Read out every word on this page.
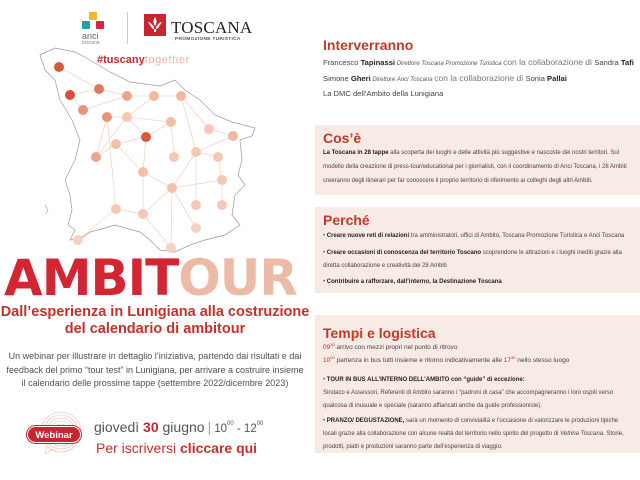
anci
toscana
TOSCANA
PROMOZIONE TURISTICA
#tuscanytogether
AMBITOUR
Dall’esperienza in Lunigiana alla costruzione
del calendario di ambitour
Un webinar per illustrare in dettaglio l’iniziativa, partendo dai risultati e dai
feedback del primo “tour test” in Lunigiana, per arrivare a costruire insieme
il calendario delle prossime tappe (settembre 2022/dicembre 2023)
Webinar
giovedì 30 giugno | $10^{00} - 12^{00}$
Per iscriversi cliccare qui
Interverranno
Francesco Tapinassi Direttore Toscana Promozione Turistica con la collaborazione di Sandra Tafi
Simone Gheri Direttore Anci Toscana con la collaborazione di Sonia Pallai
La DMC dell’Ambito della Lunigiana
Cos’è
La Toscana in 28 tappe alla scoperta dei luoghi e delle attività più suggestive e nascoste dei nostri territori. Sul
modello della creazione di press-tour/educational per i giornalisti, con il coordinamento di Anci Toscana, i 28 Ambiti
creeranno degli itinerari per far conoscere il proprio territorio di riferimento ai colleghi degli altri Ambiti.
Perché
• Creare nuove reti di relazioni tra amministratori, uffici di Ambito, Toscana Promozione Turistica e Anci Toscana
• Creare occasioni di conoscenza del territorio Toscano scoprendone le attrazioni e i luoghi inediti grazie alla
diretta collaborazione e creatività dei 28 Ambiti
• Contribuire a rafforzare, dall’interno, la Destinazione Toscana
Tempi e logistica
$09^{30}$ arrivo con mezzi propri nel punto di ritrovo
$10^{00}$ partenza in bus tutti insieme e ritorno indicativamente alle $17^{30}$ nello stesso luogo
• TOUR IN BUS ALL’INTERNO DELL’AMBITO con “guide” di eccezione:
Sindaco e Assessori, Referenti di Ambito saranno i “padroni di casa” che accompagneranno i loro ospiti verso
qualcosa di inusuale e speciale (saranno affiancati anche da guide professioniste).
• PRANZO/ DEGUSTAZIONE, sarà un momento di convivialità e l’occasione di valorizzare le produzioni tipiche
locali grazie alla collaborazione con alcune realtà del territorio nello spirito del progetto di Vetrina Toscana. Storie,
prodotti, piatti e produzioni saranno parte dell’esperienza di viaggio.
